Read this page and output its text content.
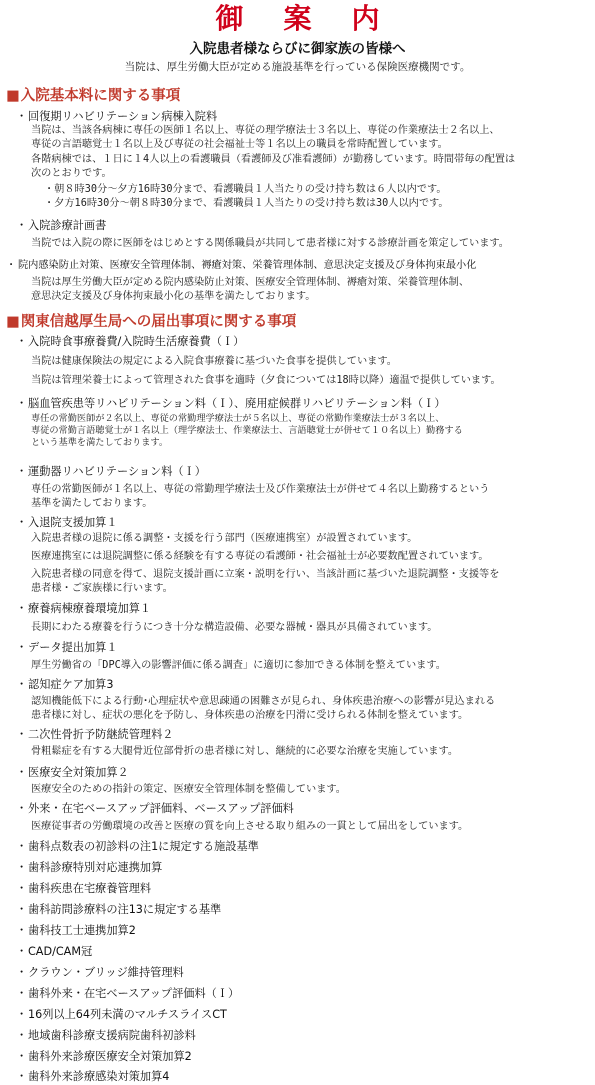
御案内
入院患者様ならびに御家族の皆様へ
当院は、厚生労働大臣が定める施設基準を行っている保険医療機関です。
■入院基本料に関する事項
・回復期リハビリテーション病棟入院料
当院は、当該各病棟に専任の医師１名以上、専従の理学療法士３名以上、専従の作業療法士２名以上、
専従の言語聴覚士１名以上及び専従の社会福祉士等１名以上の職員を常時配置しています。
各階病棟では、１日に１4人以上の看護職員（看護師及び准看護師）が勤務しています。時間帯毎の配置は
次のとおりです。
・朝８時30分～夕方16時30分まで、看護職員１人当たりの受け持ち数は６人以内です。
・夕方16時30分～朝８時30分まで、看護職員１人当たりの受け持ち数は30人以内です。
・入院診療計画書
当院では入院の際に医師をはじめとする関係職員が共同して患者様に対する診療計画を策定しています。
・ 院内感染防止対策、医療安全管理体制、褥瘡対策、栄養管理体制、意思決定支援及び身体拘束最小化
当院は厚生労働大臣が定める院内感染防止対策、医療安全管理体制、褥瘡対策、栄養管理体制、
意思決定支援及び身体拘束最小化の基準を満たしております。
■関東信越厚生局への届出事項に関する事項
・入院時食事療養費/入院時生活療養費（Ｉ）
当院は健康保険法の規定による入院食事療養に基づいた食事を提供しています。
当院は管理栄養士によって管理された食事を適時（夕食については18時以降）適温で提供しています。
・脳血管疾患等リハビリテーション料（Ｉ）、廃用症候群リハビリテーション料（Ｉ）
専任の常勤医師が２名以上、専従の常勤理学療法士が５名以上、専従の常勤作業療法士が３名以上、
専従の常勤言語聴覚士が１名以上（理学療法士、作業療法士、言語聴覚士が併せて１０名以上）勤務する
という基準を満たしております。
・運動器リハビリテーション料（Ｉ）
専任の常勤医師が１名以上、専従の常勤理学療法士及び作業療法士が併せて４名以上勤務するという
基準を満たしております。
・入退院支援加算１
入院患者様の退院に係る調整・支援を行う部門（医療連携室）が設置されています。
医療連携室には退院調整に係る経験を有する専従の看護師・社会福祉士が必要数配置されています。
入院患者様の同意を得て、退院支援計画に立案・説明を行い、当該計画に基づいた退院調整・支援等を
患者様・ご家族様に行います。
・療養病棟療養環境加算１
長期にわたる療養を行うにつき十分な構造設備、必要な器械・器具が具備されています。
・データ提出加算１
厚生労働省の「DPC導入の影響評価に係る調査」に適切に参加できる体制を整えています。
・認知症ケア加算3
認知機能低下による行動･心理症状や意思疎通の困難さが見られ、身体疾患治療への影響が見込まれる
患者様に対し、症状の悪化を予防し、身体疾患の治療を円滑に受けられる体制を整えています。
・二次性骨折予防継続管理料２
骨粗鬆症を有する大腿骨近位部骨折の患者様に対し、継続的に必要な治療を実施しています。
・医療安全対策加算２
医療安全のための指針の策定、医療安全管理体制を整備しています。
・外来・在宅ベースアップ評価料、ベースアップ評価料
医療従事者の労働環境の改善と医療の質を向上させる取り組みの一貫として届出をしています。
・歯科点数表の初診料の注1に規定する施設基準
・歯科診療特別対応連携加算
・歯科疾患在宅療養管理料
・歯科訪問診療料の注13に規定する基準
・歯科技工士連携加算2
・CAD/CAM冠
・クラウン・ブリッジ維持管理料
・歯科外来・在宅ベースアップ評価料（Ｉ）
・16列以上64列未満のマルチスライスCT
・地域歯科診療支援病院歯科初診料
・歯科外来診療医療安全対策加算2
・歯科外来診療感染対策加算4
